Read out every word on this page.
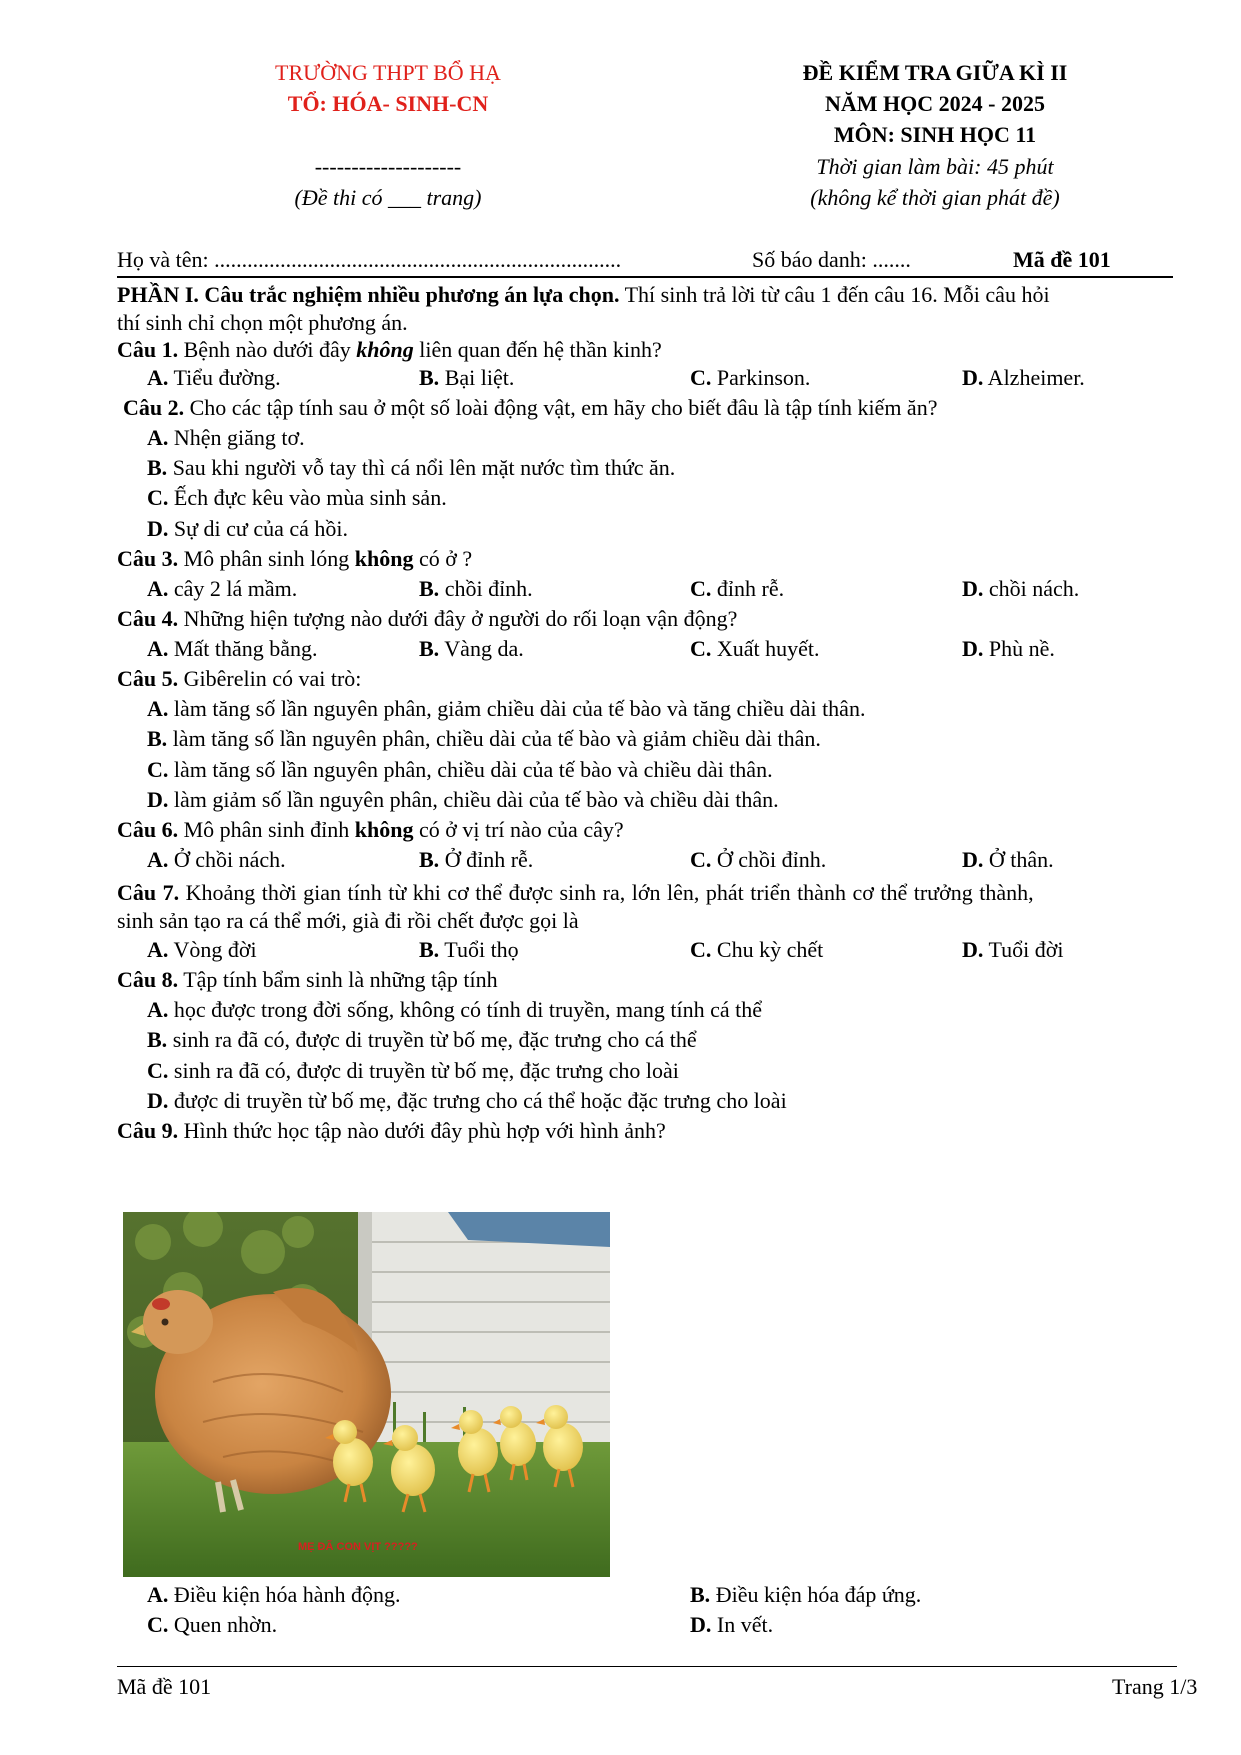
TRƯỜNG THPT BỔ HẠ
TỔ: HÓA- SINH-CN
--------------------
(Đề thi có ___ trang)
ĐỀ KIỂM TRA GIỮA KÌ II
NĂM HỌC 2024 - 2025
MÔN: SINH HỌC 11
Thời gian làm bài: 45 phút
(không kể thời gian phát đề)
Họ và tên: ..........................................................................	Số báo danh: .......	Mã đề 101
PHẦN I. Câu trắc nghiệm nhiều phương án lựa chọn. Thí sinh trả lời từ câu 1 đến câu 16. Mỗi câu hỏi
thí sinh chỉ chọn một phương án.
Câu 1. Bệnh nào dưới đây không liên quan đến hệ thần kinh?
A. Tiểu đường.	B. Bại liệt.	C. Parkinson.	D. Alzheimer.
Câu 2. Cho các tập tính sau ở một số loài động vật, em hãy cho biết đâu là tập tính kiếm ăn?
A. Nhện giăng tơ.
B. Sau khi người vỗ tay thì cá nổi lên mặt nước tìm thức ăn.
C. Ếch đực kêu vào mùa sinh sản.
D. Sự di cư của cá hồi.
Câu 3. Mô phân sinh lóng không có ở ?
A. cây 2 lá mầm.	B. chồi đỉnh.	C. đỉnh rễ.	D. chồi nách.
Câu 4. Những hiện tượng nào dưới đây ở người do rối loạn vận động?
A. Mất thăng bằng.	B. Vàng da.	C. Xuất huyết.	D. Phù nề.
Câu 5. Gibêrelin có vai trò:
A. làm tăng số lần nguyên phân, giảm chiều dài của tế bào và tăng chiều dài thân.
B. làm tăng số lần nguyên phân, chiều dài của tế bào và giảm chiều dài thân.
C. làm tăng số lần nguyên phân, chiều dài của tế bào và chiều dài thân.
D. làm giảm số lần nguyên phân, chiều dài của tế bào và chiều dài thân.
Câu 6. Mô phân sinh đỉnh không có ở vị trí nào của cây?
A. Ở chồi nách.	B. Ở đỉnh rễ.	C. Ở chồi đỉnh.	D. Ở thân.
Câu 7. Khoảng thời gian tính từ khi cơ thể được sinh ra, lớn lên, phát triển thành cơ thể trưởng thành,
sinh sản tạo ra cá thể mới, già đi rồi chết được gọi là
A. Vòng đời	B. Tuổi thọ	C. Chu kỳ chết	D. Tuổi đời
Câu 8. Tập tính bẩm sinh là những tập tính
A. học được trong đời sống, không có tính di truyền, mang tính cá thể
B. sinh ra đã có, được di truyền từ bố mẹ, đặc trưng cho cá thể
C. sinh ra đã có, được di truyền từ bố mẹ, đặc trưng cho loài
D. được di truyền từ bố mẹ, đặc trưng cho cá thể hoặc đặc trưng cho loài
Câu 9. Hình thức học tập nào dưới đây phù hợp với hình ảnh?
MẸ ĐÃ CON VỊT ?????
A. Điều kiện hóa hành động.	B. Điều kiện hóa đáp ứng.
C. Quen nhờn.	D. In vết.
Mã đề 101	Trang 1/3
